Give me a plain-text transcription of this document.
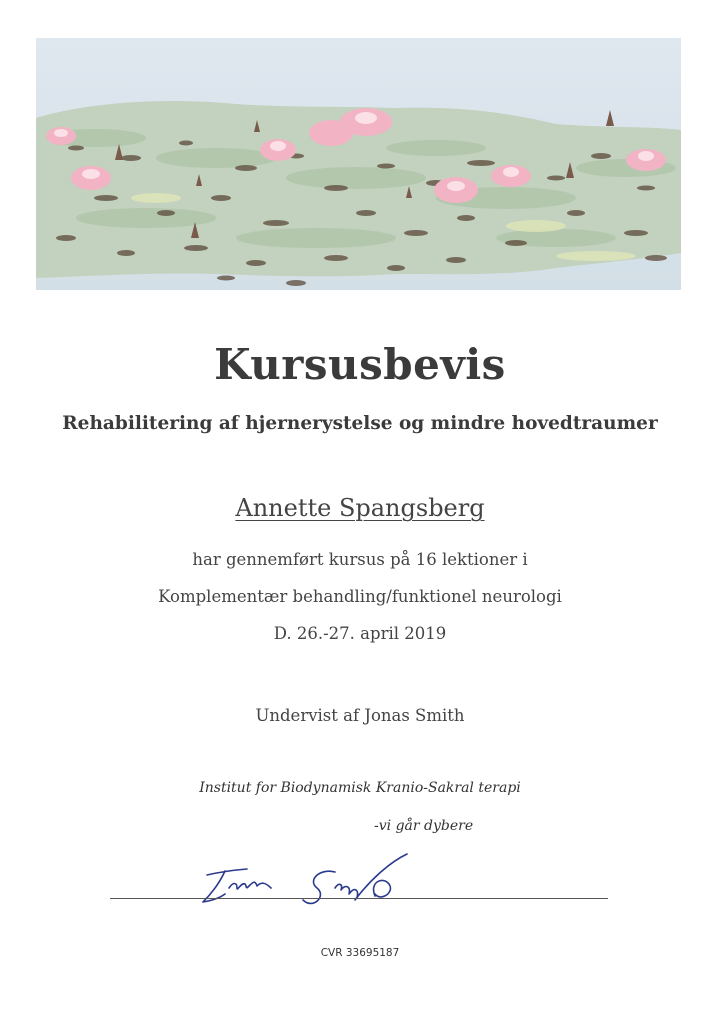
Kursusbevis
Rehabilitering af hjernerystelse og mindre hovedtraumer
Annette Spangsberg
har gennemført kursus på 16 lektioner i
Komplementær behandling/funktionel neurologi
D. 26.-27. april 2019
Undervist af Jonas Smith
Institut for Biodynamisk Kranio-Sakral terapi
-vi går dybere
CVR 33695187
